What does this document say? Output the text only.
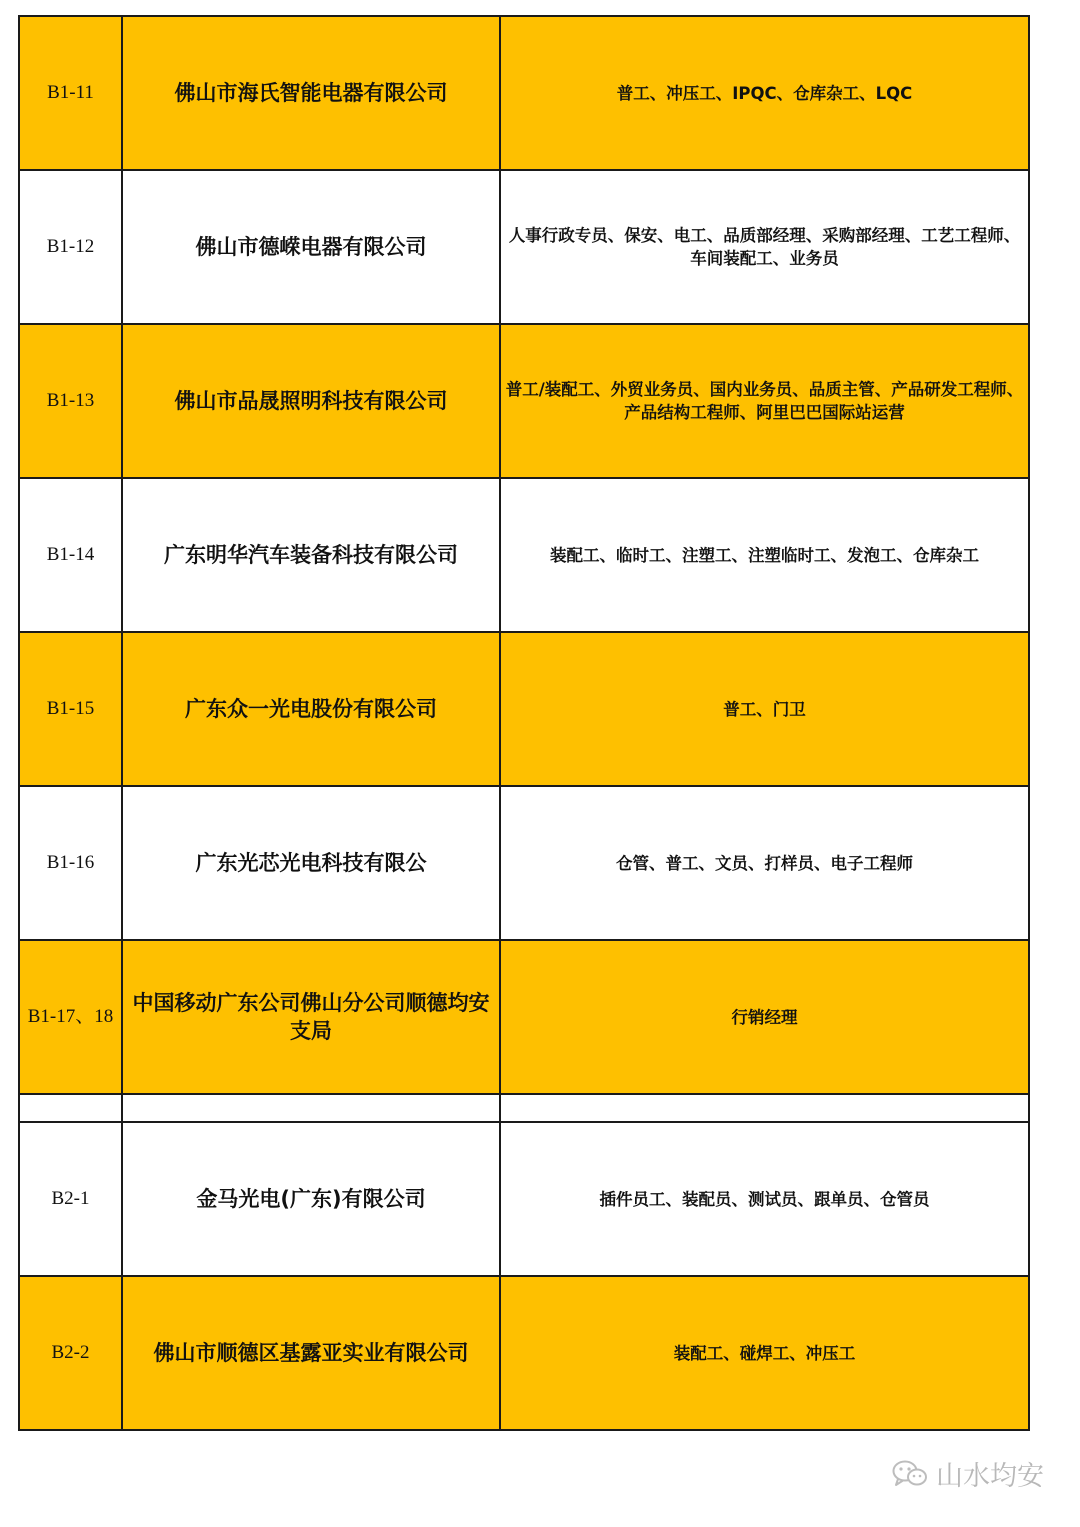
B1-11	佛山市海氏智能电器有限公司	普工、冲压工、IPQC、仓库杂工、LQC
B1-12	佛山市德嵘电器有限公司	人事行政专员、保安、电工、品质部经理、采购部经理、工艺工程师、车间装配工、业务员
B1-13	佛山市品晟照明科技有限公司	普工/装配工、外贸业务员、国内业务员、品质主管、产品研发工程师、产品结构工程师、阿里巴巴国际站运营
B1-14	广东明华汽车装备科技有限公司	装配工、临时工、注塑工、注塑临时工、发泡工、仓库杂工
B1-15	广东众一光电股份有限公司	普工、门卫
B1-16	广东光芯光电科技有限公	仓管、普工、文员、打样员、电子工程师
B1-17、18	中国移动广东公司佛山分公司顺德均安支局	行销经理

B2-1	金马光电(广东)有限公司	插件员工、装配员、测试员、跟单员、仓管员
B2-2	佛山市顺德区基露亚实业有限公司	装配工、碰焊工、冲压工
山水均安
